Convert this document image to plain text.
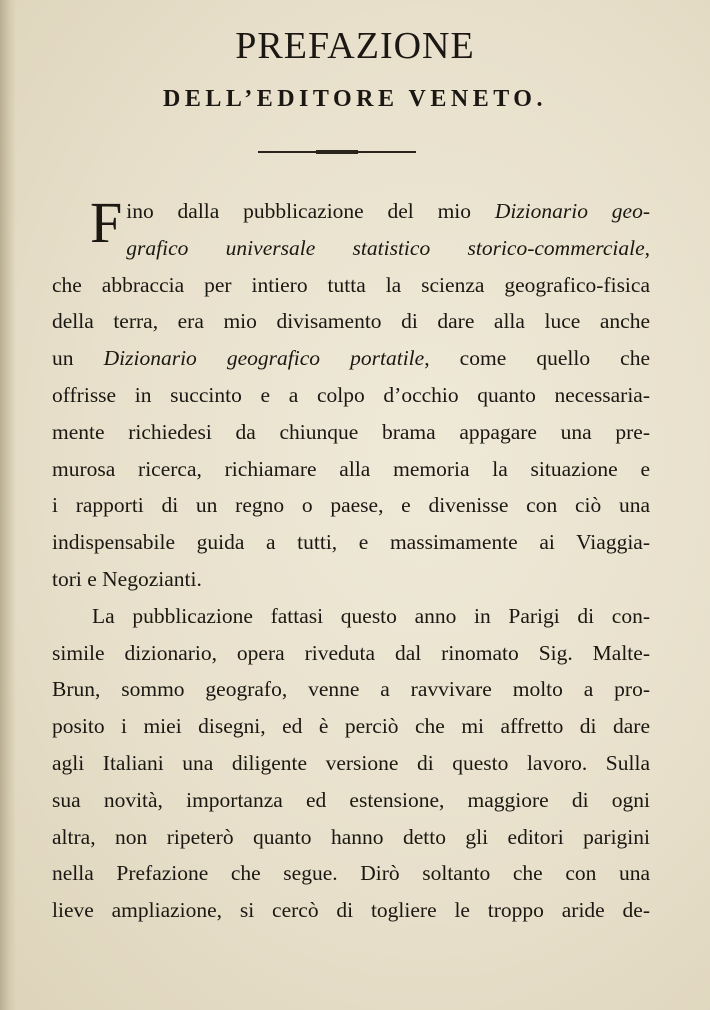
PREFAZIONE
DELL’EDITORE VENETO.

F ino dalla pubblicazione del mio Dizionario geo-
grafico universale statistico storico-commerciale,
che abbraccia per intiero tutta la scienza geografico-fisica
della terra, era mio divisamento di dare alla luce anche
un Dizionario geografico portatile, come quello che
offrisse in succinto e a colpo d’occhio quanto necessaria-
mente richiedesi da chiunque brama appagare una pre-
murosa ricerca, richiamare alla memoria la situazione e
i rapporti di un regno o paese, e divenisse con ciò una
indispensabile guida a tutti, e massimamente ai Viaggia-
tori e Negozianti.

La pubblicazione fattasi questo anno in Parigi di con-
simile dizionario, opera riveduta dal rinomato Sig. Malte-
Brun, sommo geografo, venne a ravvivare molto a pro-
posito i miei disegni, ed è perciò che mi affretto di dare
agli Italiani una diligente versione di questo lavoro. Sulla
sua novità, importanza ed estensione, maggiore di ogni
altra, non ripeterò quanto hanno detto gli editori parigini
nella Prefazione che segue. Dirò soltanto che con una
lieve ampliazione, si cercò di togliere le troppo aride de-
